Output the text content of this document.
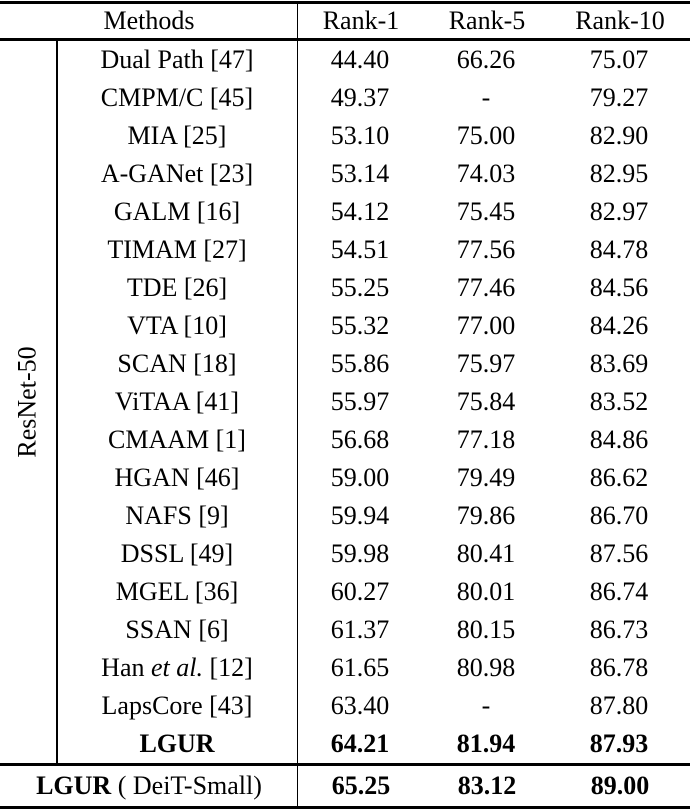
Methods	Rank-1	Rank-5	Rank-10
Dual Path [47]	44.40	66.26	75.07
CMPM/C [45]	49.37	-	79.27
MIA [25]	53.10	75.00	82.90
A-GANet [23]	53.14	74.03	82.95
GALM [16]	54.12	75.45	82.97
TIMAM [27]	54.51	77.56	84.78
TDE [26]	55.25	77.46	84.56
VTA [10]	55.32	77.00	84.26
SCAN [18]	55.86	75.97	83.69
ViTAA [41]	55.97	75.84	83.52
CMAAM [1]	56.68	77.18	84.86
HGAN [46]	59.00	79.49	86.62
NAFS [9]	59.94	79.86	86.70
DSSL [49]	59.98	80.41	87.56
MGEL [36]	60.27	80.01	86.74
SSAN [6]	61.37	80.15	86.73
Han et al. [12]	61.65	80.98	86.78
LapsCore [43]	63.40	-	87.80
LGUR	64.21	81.94	87.93
ResNet-50
LGUR ( DeiT-Small)	65.25	83.12	89.00
